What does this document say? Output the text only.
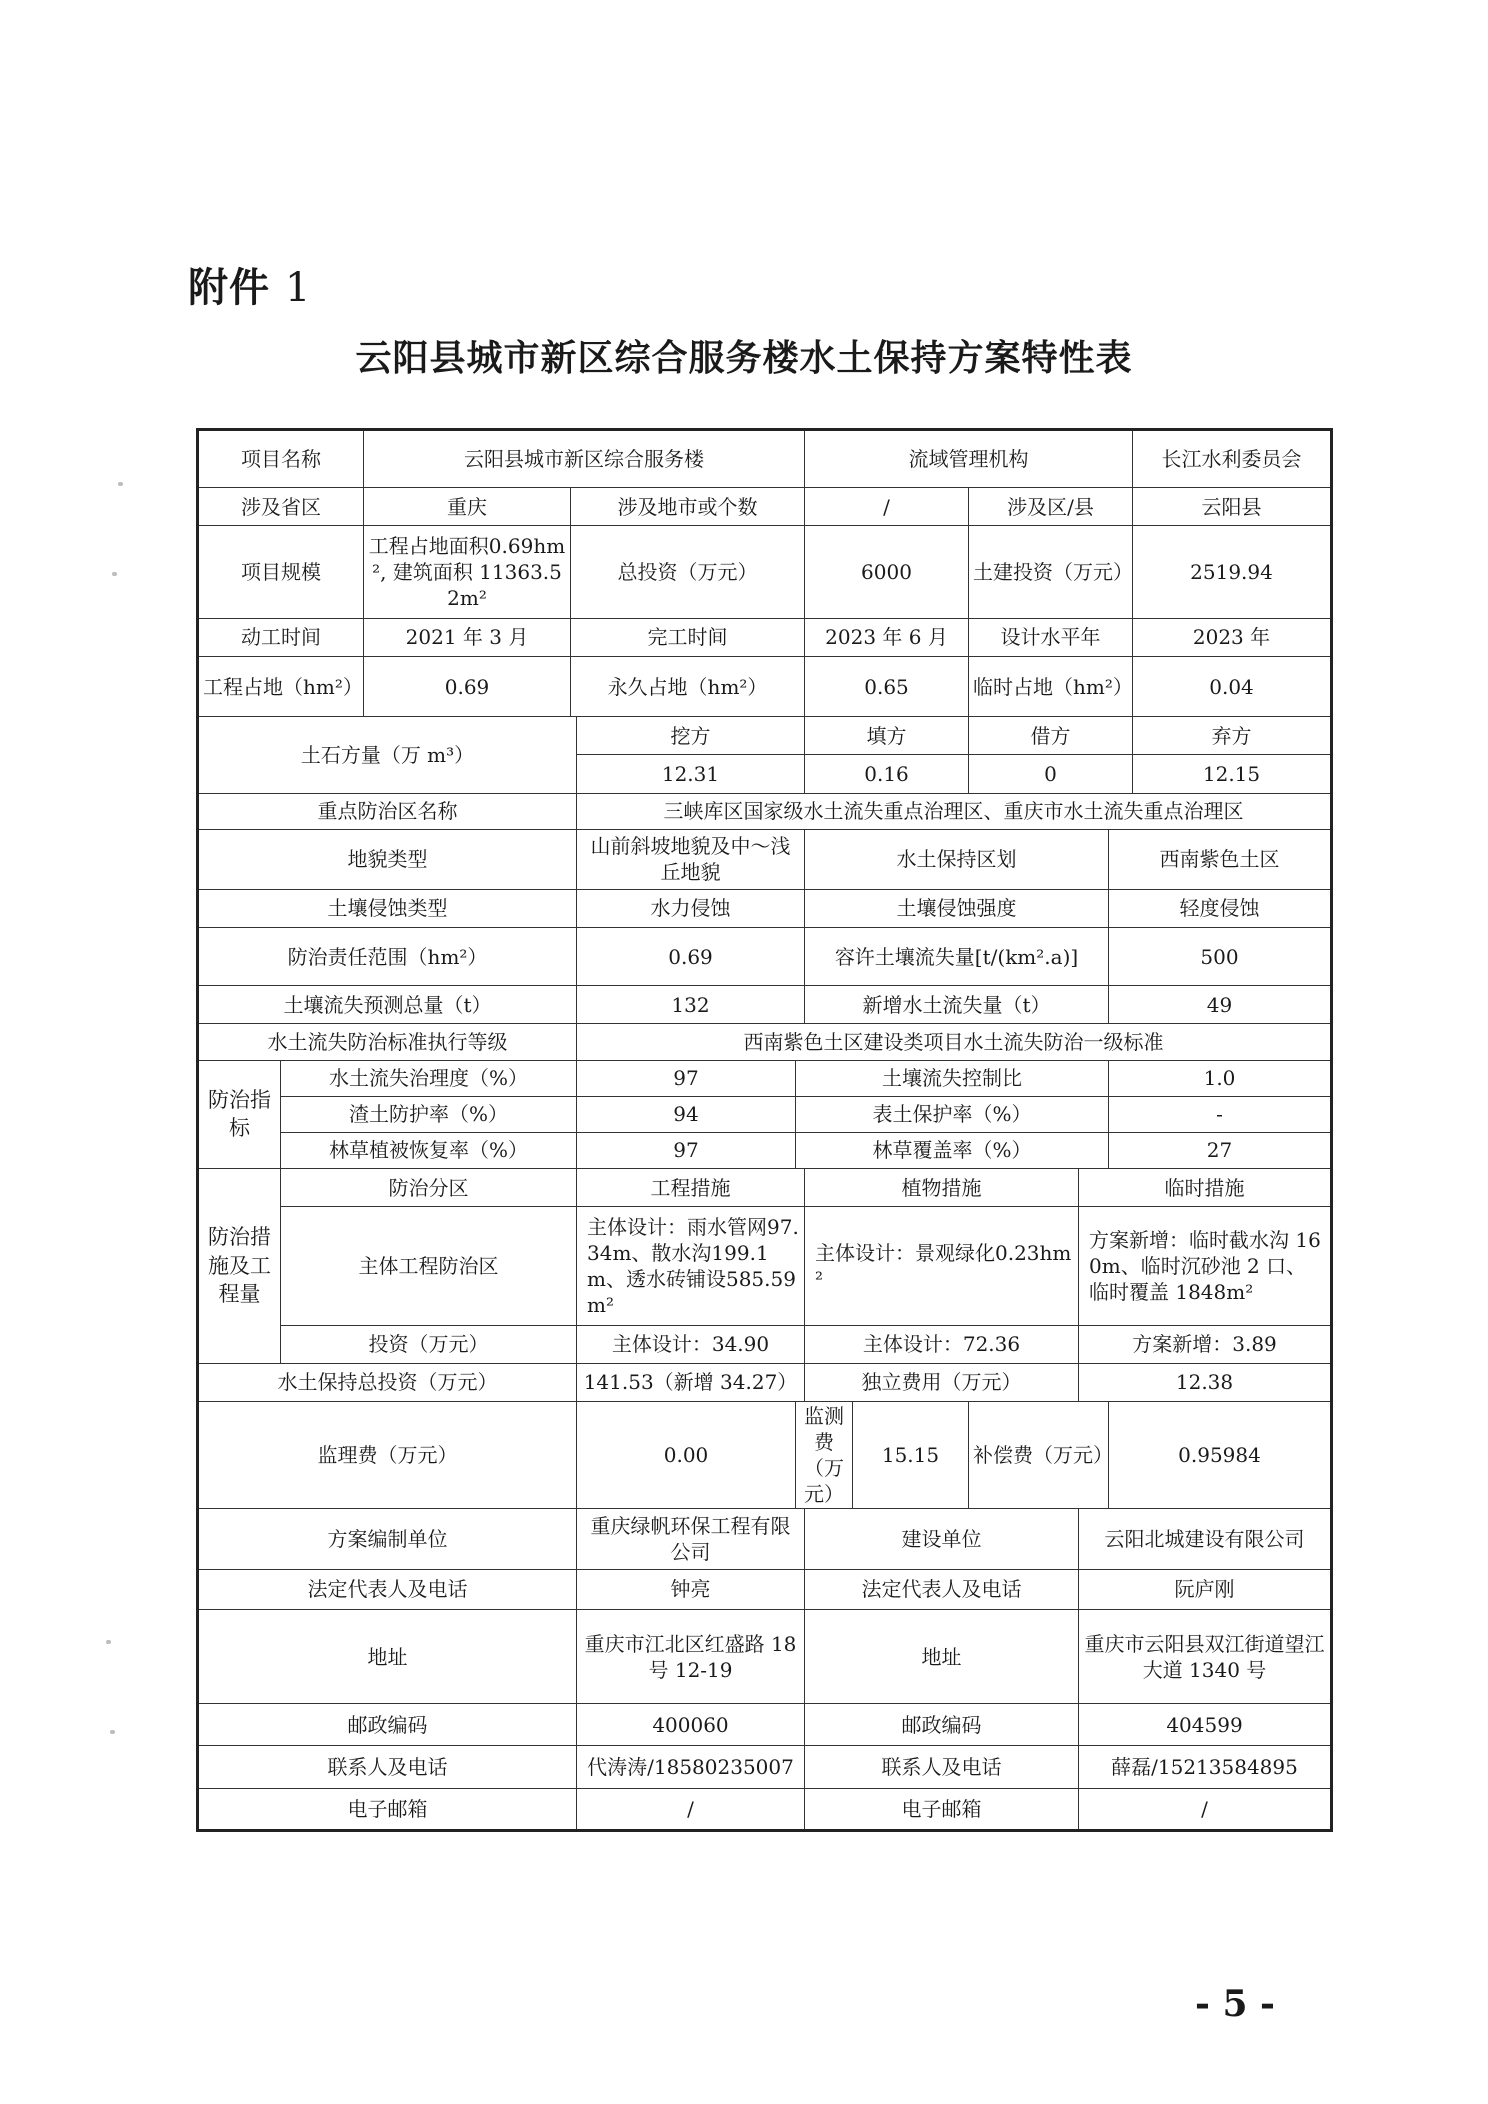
附件 1
云阳县城市新区综合服务楼水土保持方案特性表
项目名称		云阳县城市新区综合服务楼				流域管理机构					长江水利委员会
涉及省区		重庆	涉及地市或个数			/		涉及区/县			云阳县
项目规模		工程占地面积0.69hm², 建筑面积 11363.52m²	总投资（万元）			6000		土建投资（万元）			2519.94
动工时间		2021 年 3 月	完工时间			2023 年 6 月		设计水平年			2023 年
工程占地（hm²）		0.69	永久占地（hm²）			0.65		临时占地（hm²）			0.04
土石方量（万 m³）				挖方		填方		借方			弃方
				12.31		0.16		0			12.15
重点防治区名称				三峡库区国家级水土流失重点治理区、重庆市水土流失重点治理区							
地貌类型				山前斜坡地貌及中～浅丘地貌		水土保持区划				西南紫色土区	
土壤侵蚀类型				水力侵蚀		土壤侵蚀强度				轻度侵蚀	
防治责任范围（hm²）				0.69		容许土壤流失量[t/(km².a)]				500	
土壤流失预测总量（t）				132		新增水土流失量（t）				49	
水土流失防治标准执行等级				西南紫色土区建设类项目水土流失防治一级标准							
防治指标	水土流失治理度（%）			97	土壤流失控制比					1.0	
	渣土防护率（%）			94	表土保护率（%）					-	
	林草植被恢复率（%）			97	林草覆盖率（%）					27	
防治措施及工程量	防治分区			工程措施		植物措施			临时措施		
	主体工程防治区			主体设计：雨水管网97.34m、散水沟199.1m、透水砖铺设585.59m²		主体设计：景观绿化0.23hm²			方案新增：临时截水沟 160m、临时沉砂池 2 口、临时覆盖 1848m²		
	投资（万元）			主体设计：34.90		主体设计：72.36			方案新增：3.89		
水土保持总投资（万元）				141.53（新增 34.27）		独立费用（万元）			12.38		
监理费（万元）				0.00	监测费（万元）		15.15	补偿费（万元）		0.95984	
方案编制单位				重庆绿帆环保工程有限公司		建设单位			云阳北城建设有限公司		
法定代表人及电话				钟亮		法定代表人及电话			阮庐刚		
地址				重庆市江北区红盛路 18 号 12-19		地址			重庆市云阳县双江街道望江大道 1340 号		
邮政编码				400060		邮政编码			404599		
联系人及电话				代涛涛/18580235007		联系人及电话			薛磊/15213584895		
电子邮箱				/		电子邮箱			/		
- 5 -
